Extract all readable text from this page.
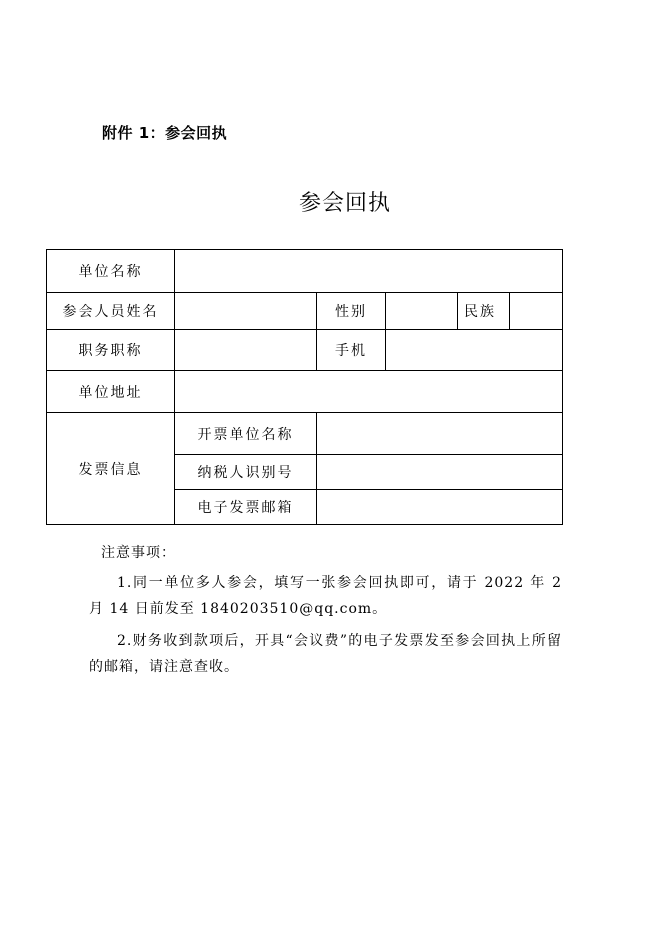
附件 1：参会回执
参会回执
单位名称					
参会人员姓名		性别		民族	
职务职称		手机			
单位地址					
发票信息	开票单位名称				
	纳税人识别号				
	电子发票邮箱				

注意事项：

1.同一单位多人参会，填写一张参会回执即可，请于 2022 年 2 月 14 日前发至 1840203510@qq.com。

2.财务收到款项后，开具“会议费”的电子发票发至参会回执上所留的邮箱，请注意查收。
